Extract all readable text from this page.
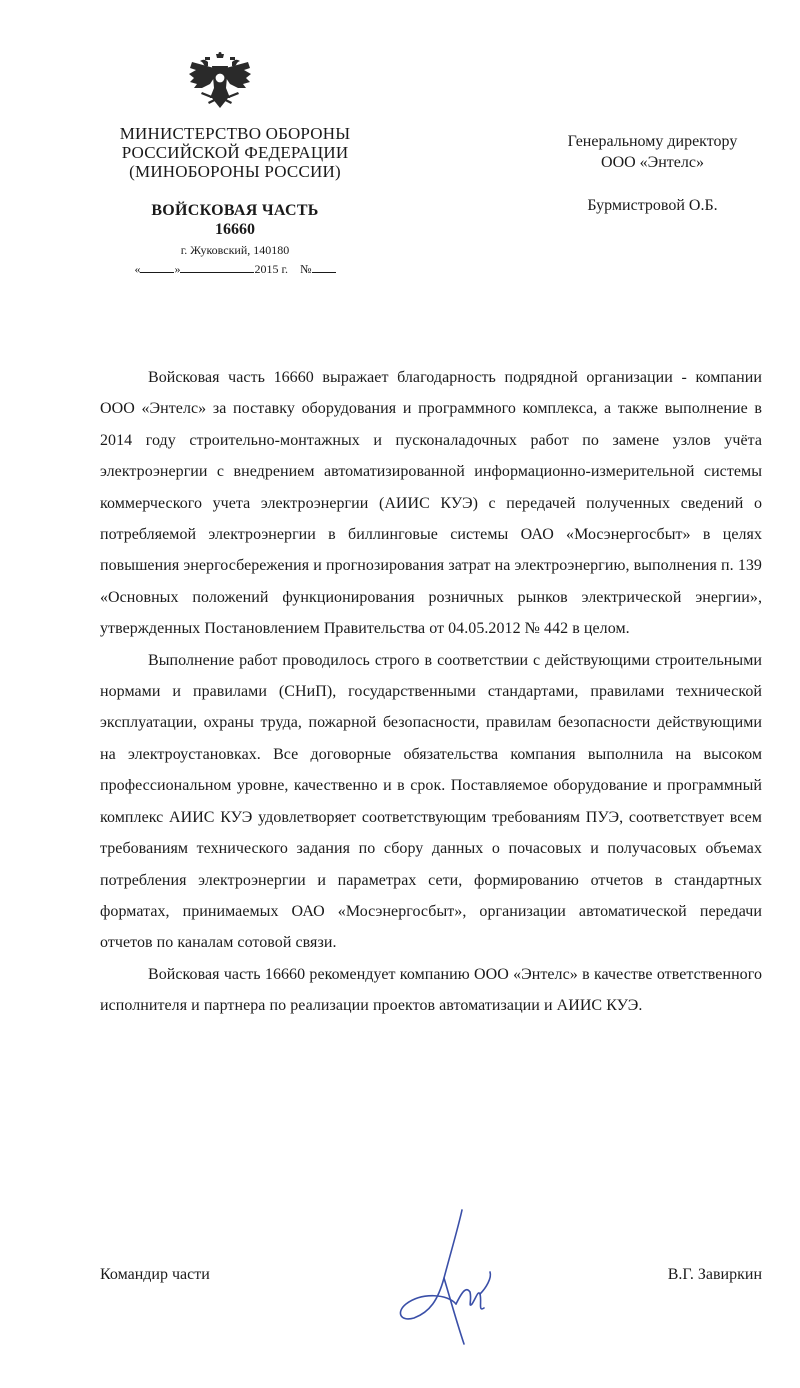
МИНИСТЕРСТВО ОБОРОНЫ
РОССИЙСКОЙ ФЕДЕРАЦИИ
(МИНОБОРОНЫ РОССИИ)
ВОЙСКОВАЯ ЧАСТЬ
16660
г. Жуковский, 140180
«	»	2015 г. №
Генеральному директору
ООО «Энтелс»
Бурмистровой О.Б.

Войсковая часть 16660 выражает благодарность подрядной организации - компании ООО «Энтелс» за поставку оборудования и программного комплекса, а также выполнение в 2014 году строительно-монтажных и пусконаладочных работ по замене узлов учёта электроэнергии с внедрением автоматизированной информационно-измерительной системы коммерческого учета электроэнергии (АИИС КУЭ) с передачей полученных сведений о потребляемой электроэнергии в биллинговые системы ОАО «Мосэнергосбыт» в целях повышения энергосбережения и прогнозирования затрат на электроэнергию, выполнения п. 139 «Основных положений функционирования розничных рынков электрической энергии», утвержденных Постановлением Правительства от 04.05.2012 № 442 в целом.

Выполнение работ проводилось строго в соответствии с действующими строительными нормами и правилами (СНиП), государственными стандартами, правилами технической эксплуатации, охраны труда, пожарной безопасности, правилам безопасности действующими на электроустановках. Все договорные обязательства компания выполнила на высоком профессиональном уровне, качественно и в срок. Поставляемое оборудование и программный комплекс АИИС КУЭ удовлетворяет соответствующим требованиям ПУЭ, соответствует всем требованиям технического задания по сбору данных о почасовых и получасовых объемах потребления электроэнергии и параметрах сети, формированию отчетов в стандартных форматах, принимаемых ОАО «Мосэнергосбыт», организации автоматической передачи отчетов по каналам сотовой связи.

Войсковая часть 16660 рекомендует компанию ООО «Энтелс» в качестве ответственного исполнителя и партнера по реализации проектов автоматизации и АИИС КУЭ.

Командир части	В.Г. Завиркин
